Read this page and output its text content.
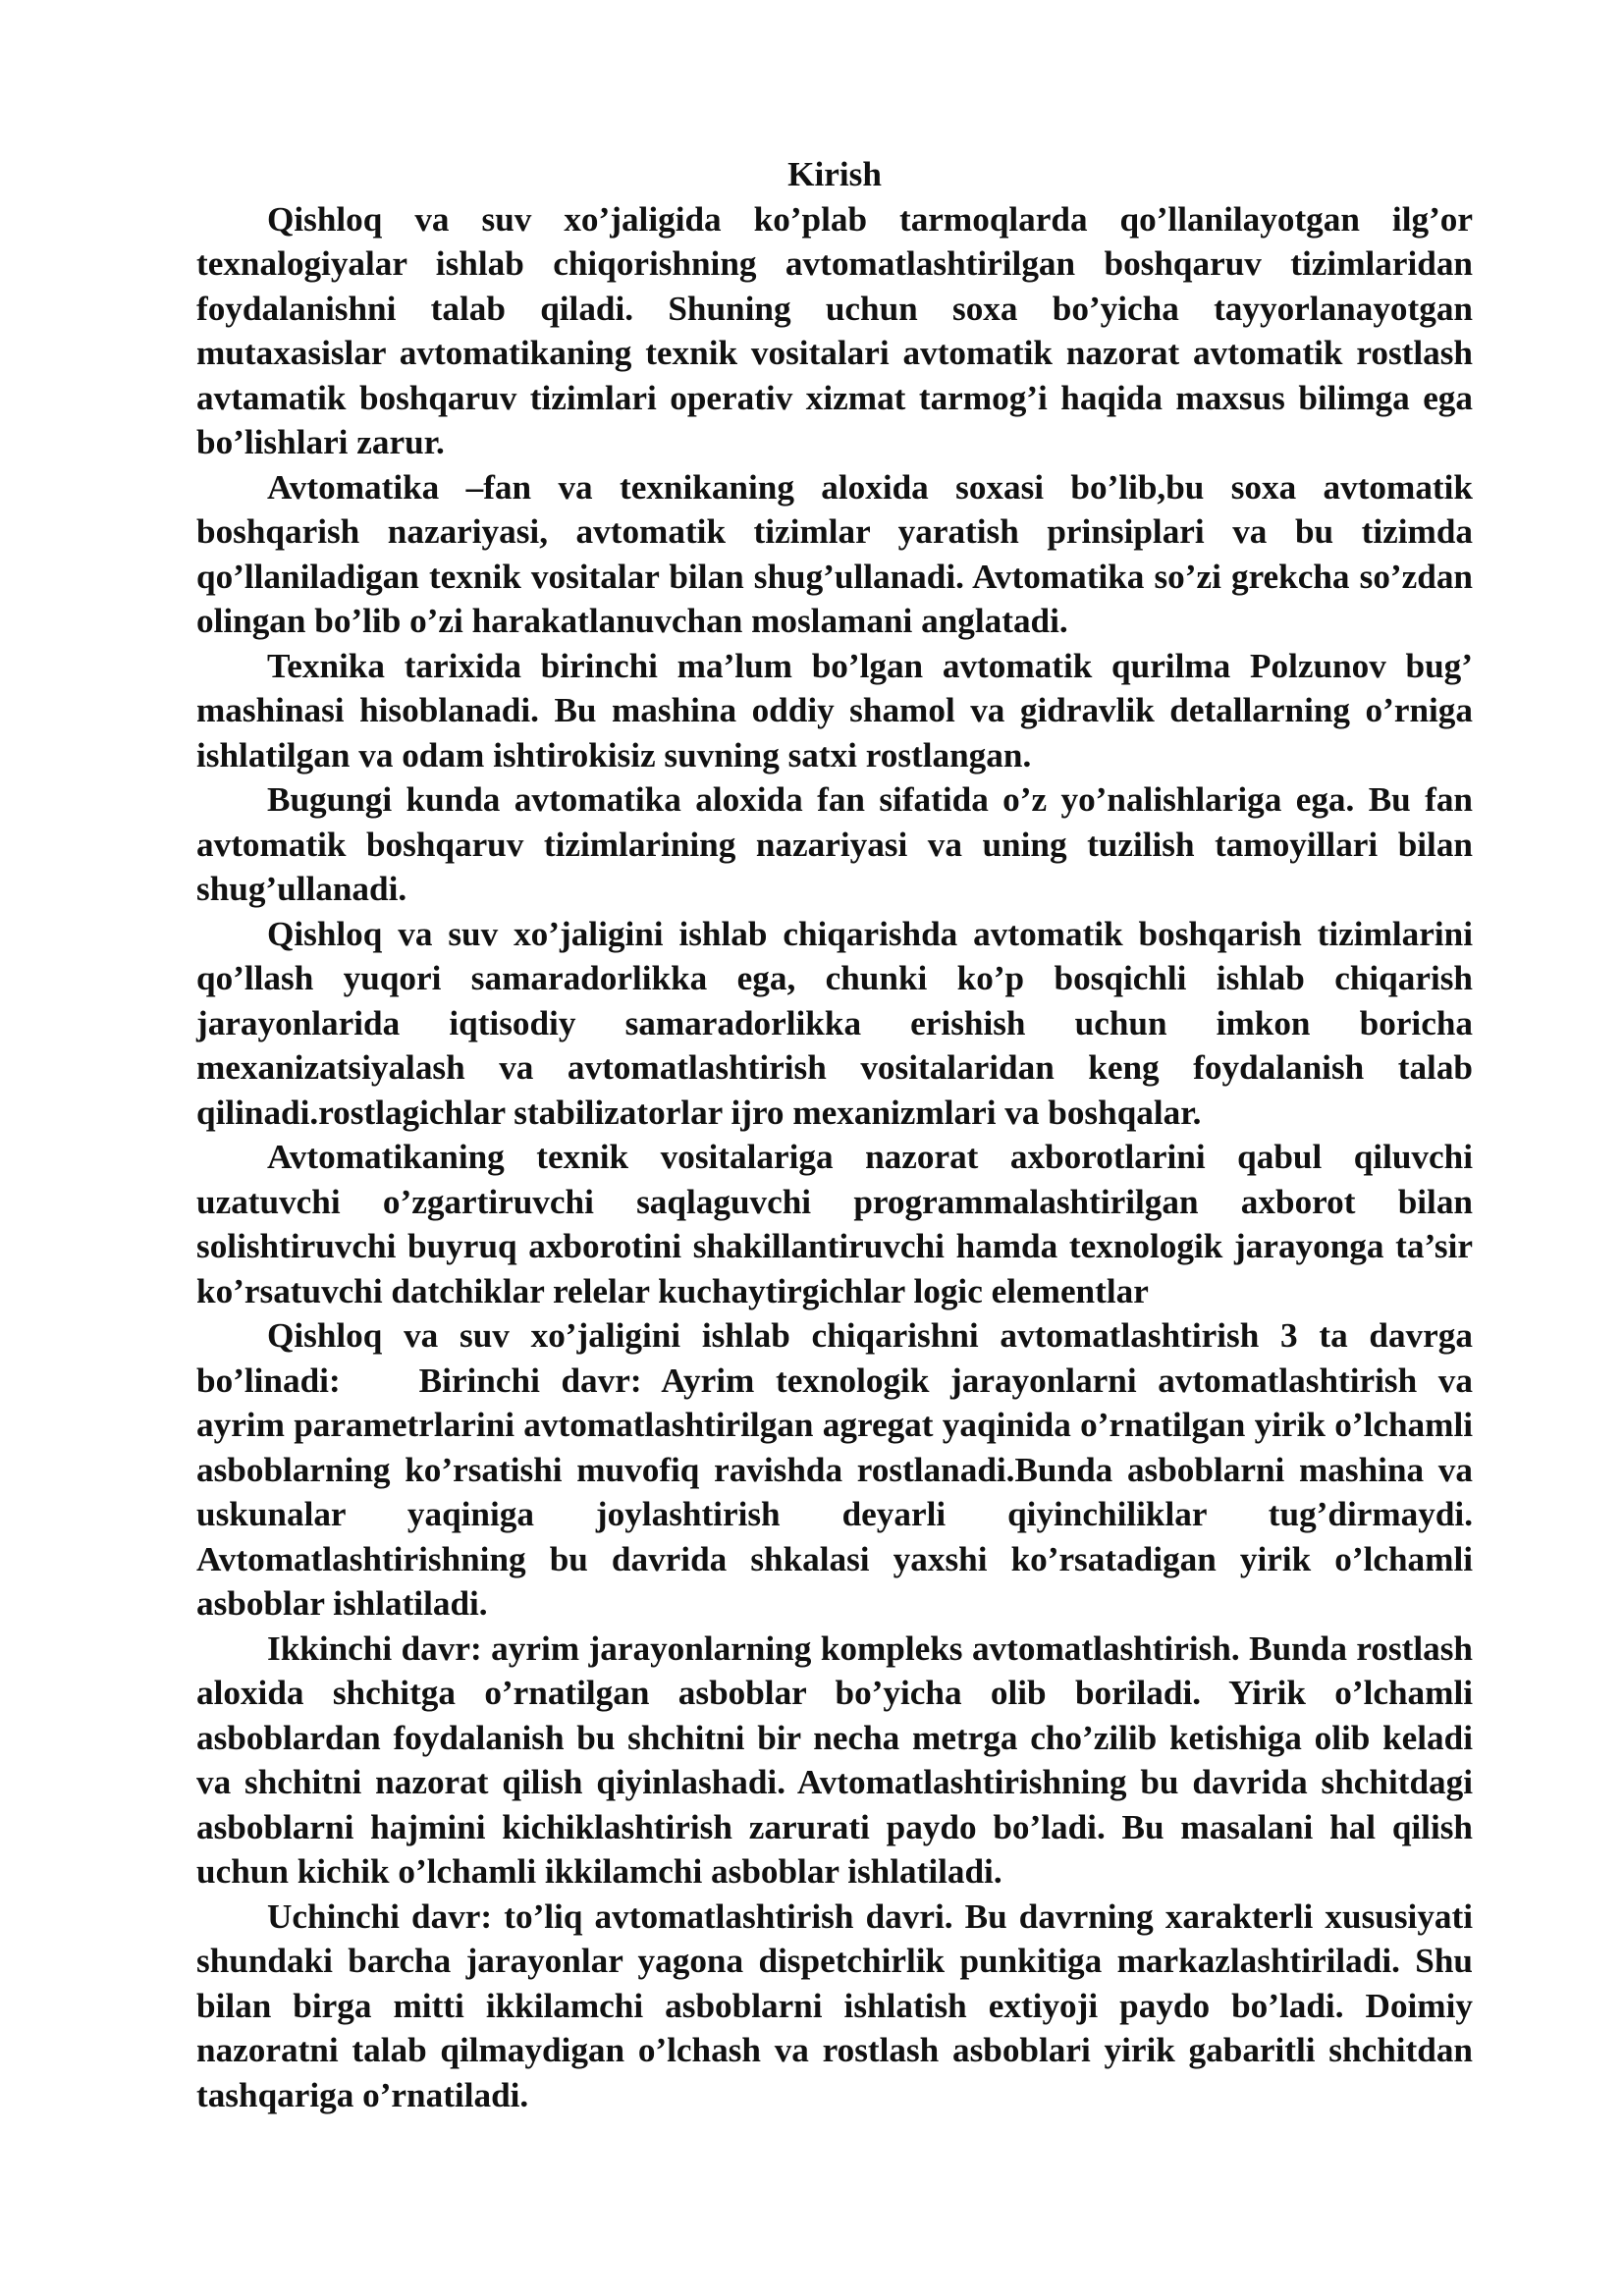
Kirish

Qishloq va suv xo’jaligida ko’plab tarmoqlarda qo’llanilayotgan ilg’or texnalogiyalar ishlab chiqorishning avtomatlashtirilgan boshqaruv tizimlaridan foydalanishni talab qiladi. Shuning uchun soxa bo’yicha tayyorlanayotgan mutaxasislar avtomatikaning texnik vositalari avtomatik nazorat avtomatik rostlash avtamatik boshqaruv tizimlari operativ xizmat tarmog’i haqida maxsus bilimga ega bo’lishlari zarur.

Avtomatika –fan va texnikaning aloxida soxasi bo’lib,bu soxa avtomatik boshqarish nazariyasi, avtomatik tizimlar yaratish prinsiplari va bu tizimda qo’llaniladigan texnik vositalar bilan shug’ullanadi. Avtomatika so’zi grekcha so’zdan olingan bo’lib o’zi harakatlanuvchan moslamani anglatadi.

Texnika tarixida birinchi ma’lum bo’lgan avtomatik qurilma Polzunov bug’ mashinasi hisoblanadi. Bu mashina oddiy shamol va gidravlik detallarning o’rniga ishlatilgan va odam ishtirokisiz suvning satxi rostlangan.

Bugungi kunda avtomatika aloxida fan sifatida o’z yo’nalishlariga ega. Bu fan avtomatik boshqaruv tizimlarining nazariyasi va uning tuzilish tamoyillari bilan shug’ullanadi.

Qishloq va suv xo’jaligini ishlab chiqarishda avtomatik boshqarish tizimlarini qo’llash yuqori samaradorlikka ega, chunki ko’p bosqichli ishlab chiqarish jarayonlarida iqtisodiy samaradorlikka erishish uchun imkon boricha mexanizatsiyalash va avtomatlashtirish vositalaridan keng foydalanish talab qilinadi.rostlagichlar stabilizatorlar ijro mexanizmlari va boshqalar.

Avtomatikaning texnik vositalariga nazorat axborotlarini qabul qiluvchi uzatuvchi o’zgartiruvchi saqlaguvchi programmalashtirilgan axborot bilan solishtiruvchi buyruq axborotini shakillantiruvchi hamda texnologik jarayonga ta’sir ko’rsatuvchi datchiklar relelar kuchaytirgichlar logic elementlar

Qishloq va suv xo’jaligini ishlab chiqarishni avtomatlashtirish 3 ta davrga bo’linadi: Birinchi davr: Ayrim texnologik jarayonlarni avtomatlashtirish va ayrim parametrlarini avtomatlashtirilgan agregat yaqinida o’rnatilgan yirik o’lchamli asboblarning ko’rsatishi muvofiq ravishda rostlanadi.Bunda asboblarni mashina va uskunalar yaqiniga joylashtirish deyarli qiyinchiliklar tug’dirmaydi. Avtomatlashtirishning bu davrida shkalasi yaxshi ko’rsatadigan yirik o’lchamli asboblar ishlatiladi.

Ikkinchi davr: ayrim jarayonlarning kompleks avtomatlashtirish. Bunda rostlash aloxida shchitga o’rnatilgan asboblar bo’yicha olib boriladi. Yirik o’lchamli asboblardan foydalanish bu shchitni bir necha metrga cho’zilib ketishiga olib keladi va shchitni nazorat qilish qiyinlashadi. Avtomatlashtirishning bu davrida shchitdagi asboblarni hajmini kichiklashtirish zarurati paydo bo’ladi. Bu masalani hal qilish uchun kichik o’lchamli ikkilamchi asboblar ishlatiladi.

Uchinchi davr: to’liq avtomatlashtirish davri. Bu davrning xarakterli xususiyati shundaki barcha jarayonlar yagona dispetchirlik punkitiga markazlashtiriladi. Shu bilan birga mitti ikkilamchi asboblarni ishlatish extiyoji paydo bo’ladi. Doimiy nazoratni talab qilmaydigan o’lchash va rostlash asboblari yirik gabaritli shchitdan tashqariga o’rnatiladi.
